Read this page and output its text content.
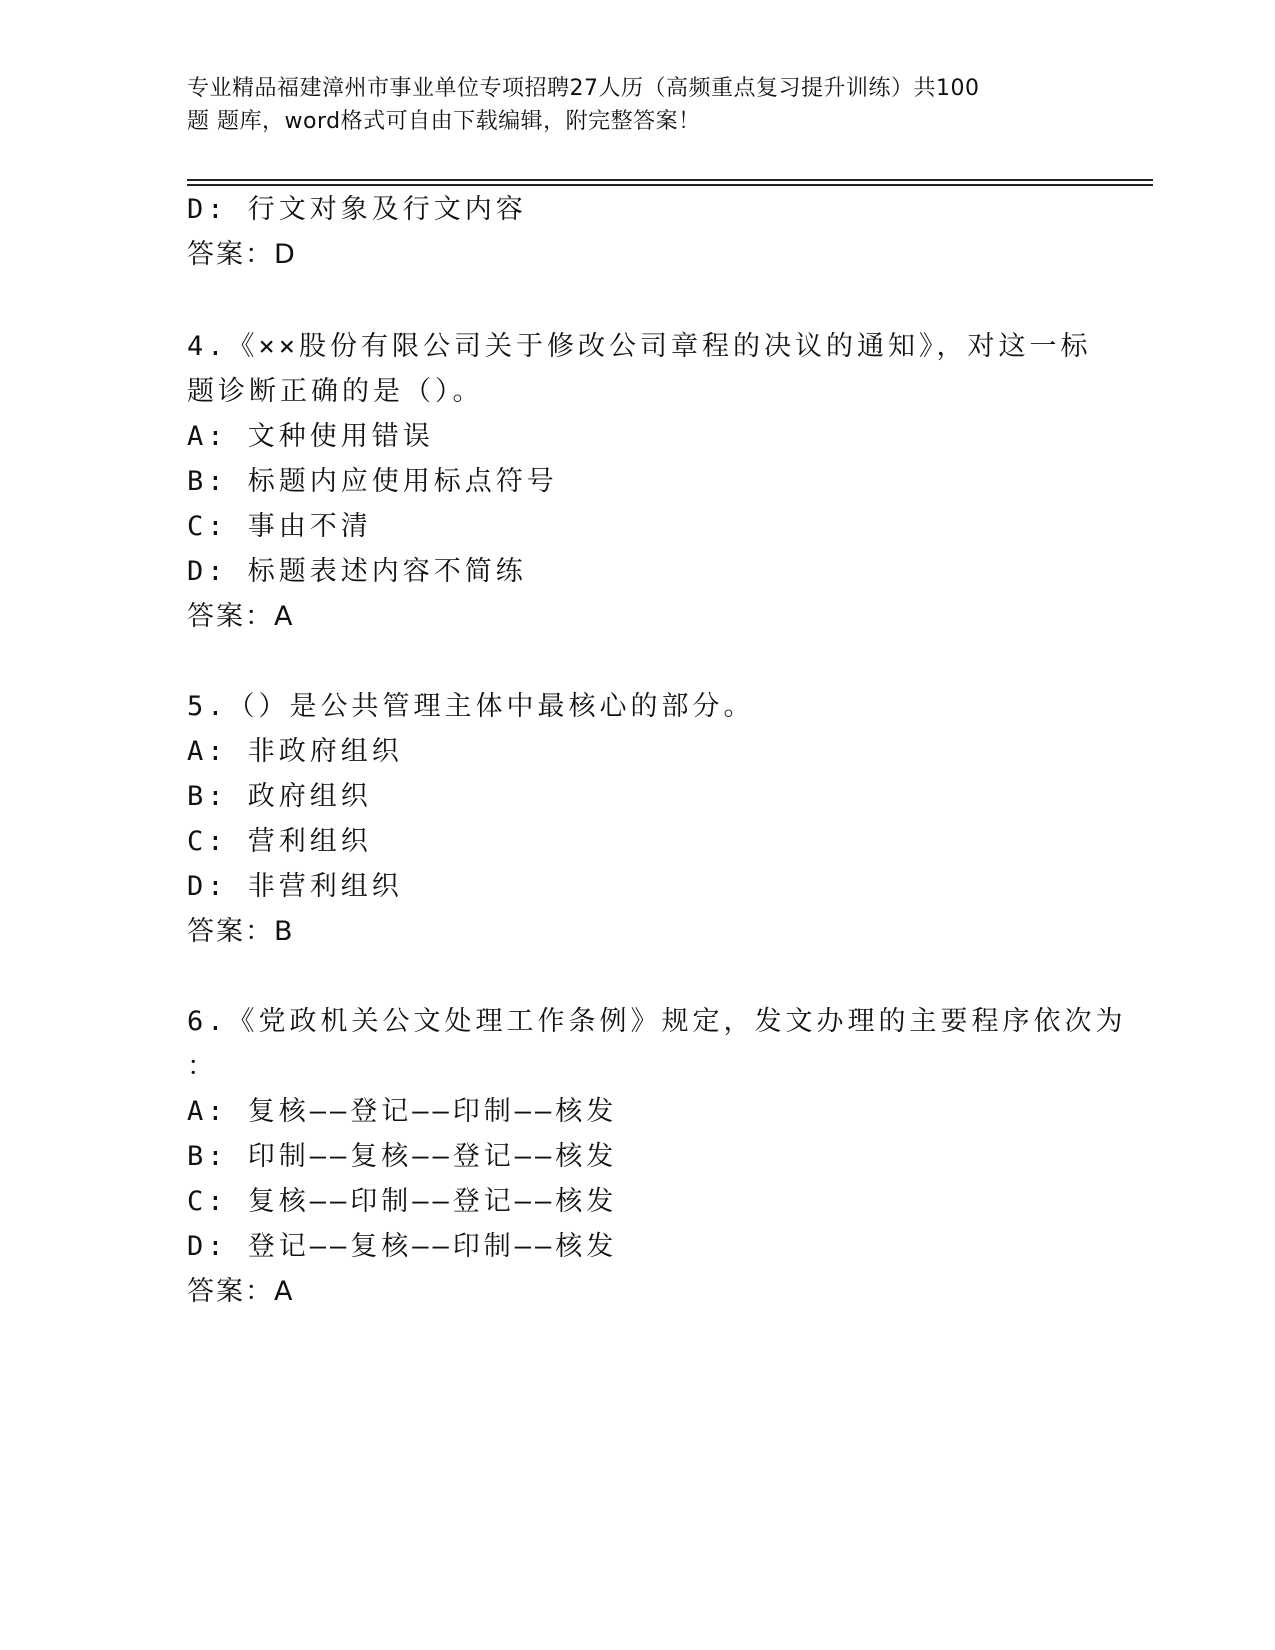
专业精品福建漳州市事业单位专项招聘27人历（高频重点复习提升训练）共100
题 题库，word格式可自由下载编辑，附完整答案！
D: 行文对象及行文内容
答案：D
4.《××股份有限公司关于修改公司章程的决议的通知》，对这一标
题诊断正确的是（）。
A: 文种使用错误
B: 标题内应使用标点符号
C: 事由不清
D: 标题表述内容不简练
答案：A
5.（）是公共管理主体中最核心的部分。
A: 非政府组织
B: 政府组织
C: 营利组织
D: 非营利组织
答案：B
6.《党政机关公文处理工作条例》规定，发文办理的主要程序依次为
：
A: 复核——登记——印制——核发
B: 印制——复核——登记——核发
C: 复核——印制——登记——核发
D: 登记——复核——印制——核发
答案：A
